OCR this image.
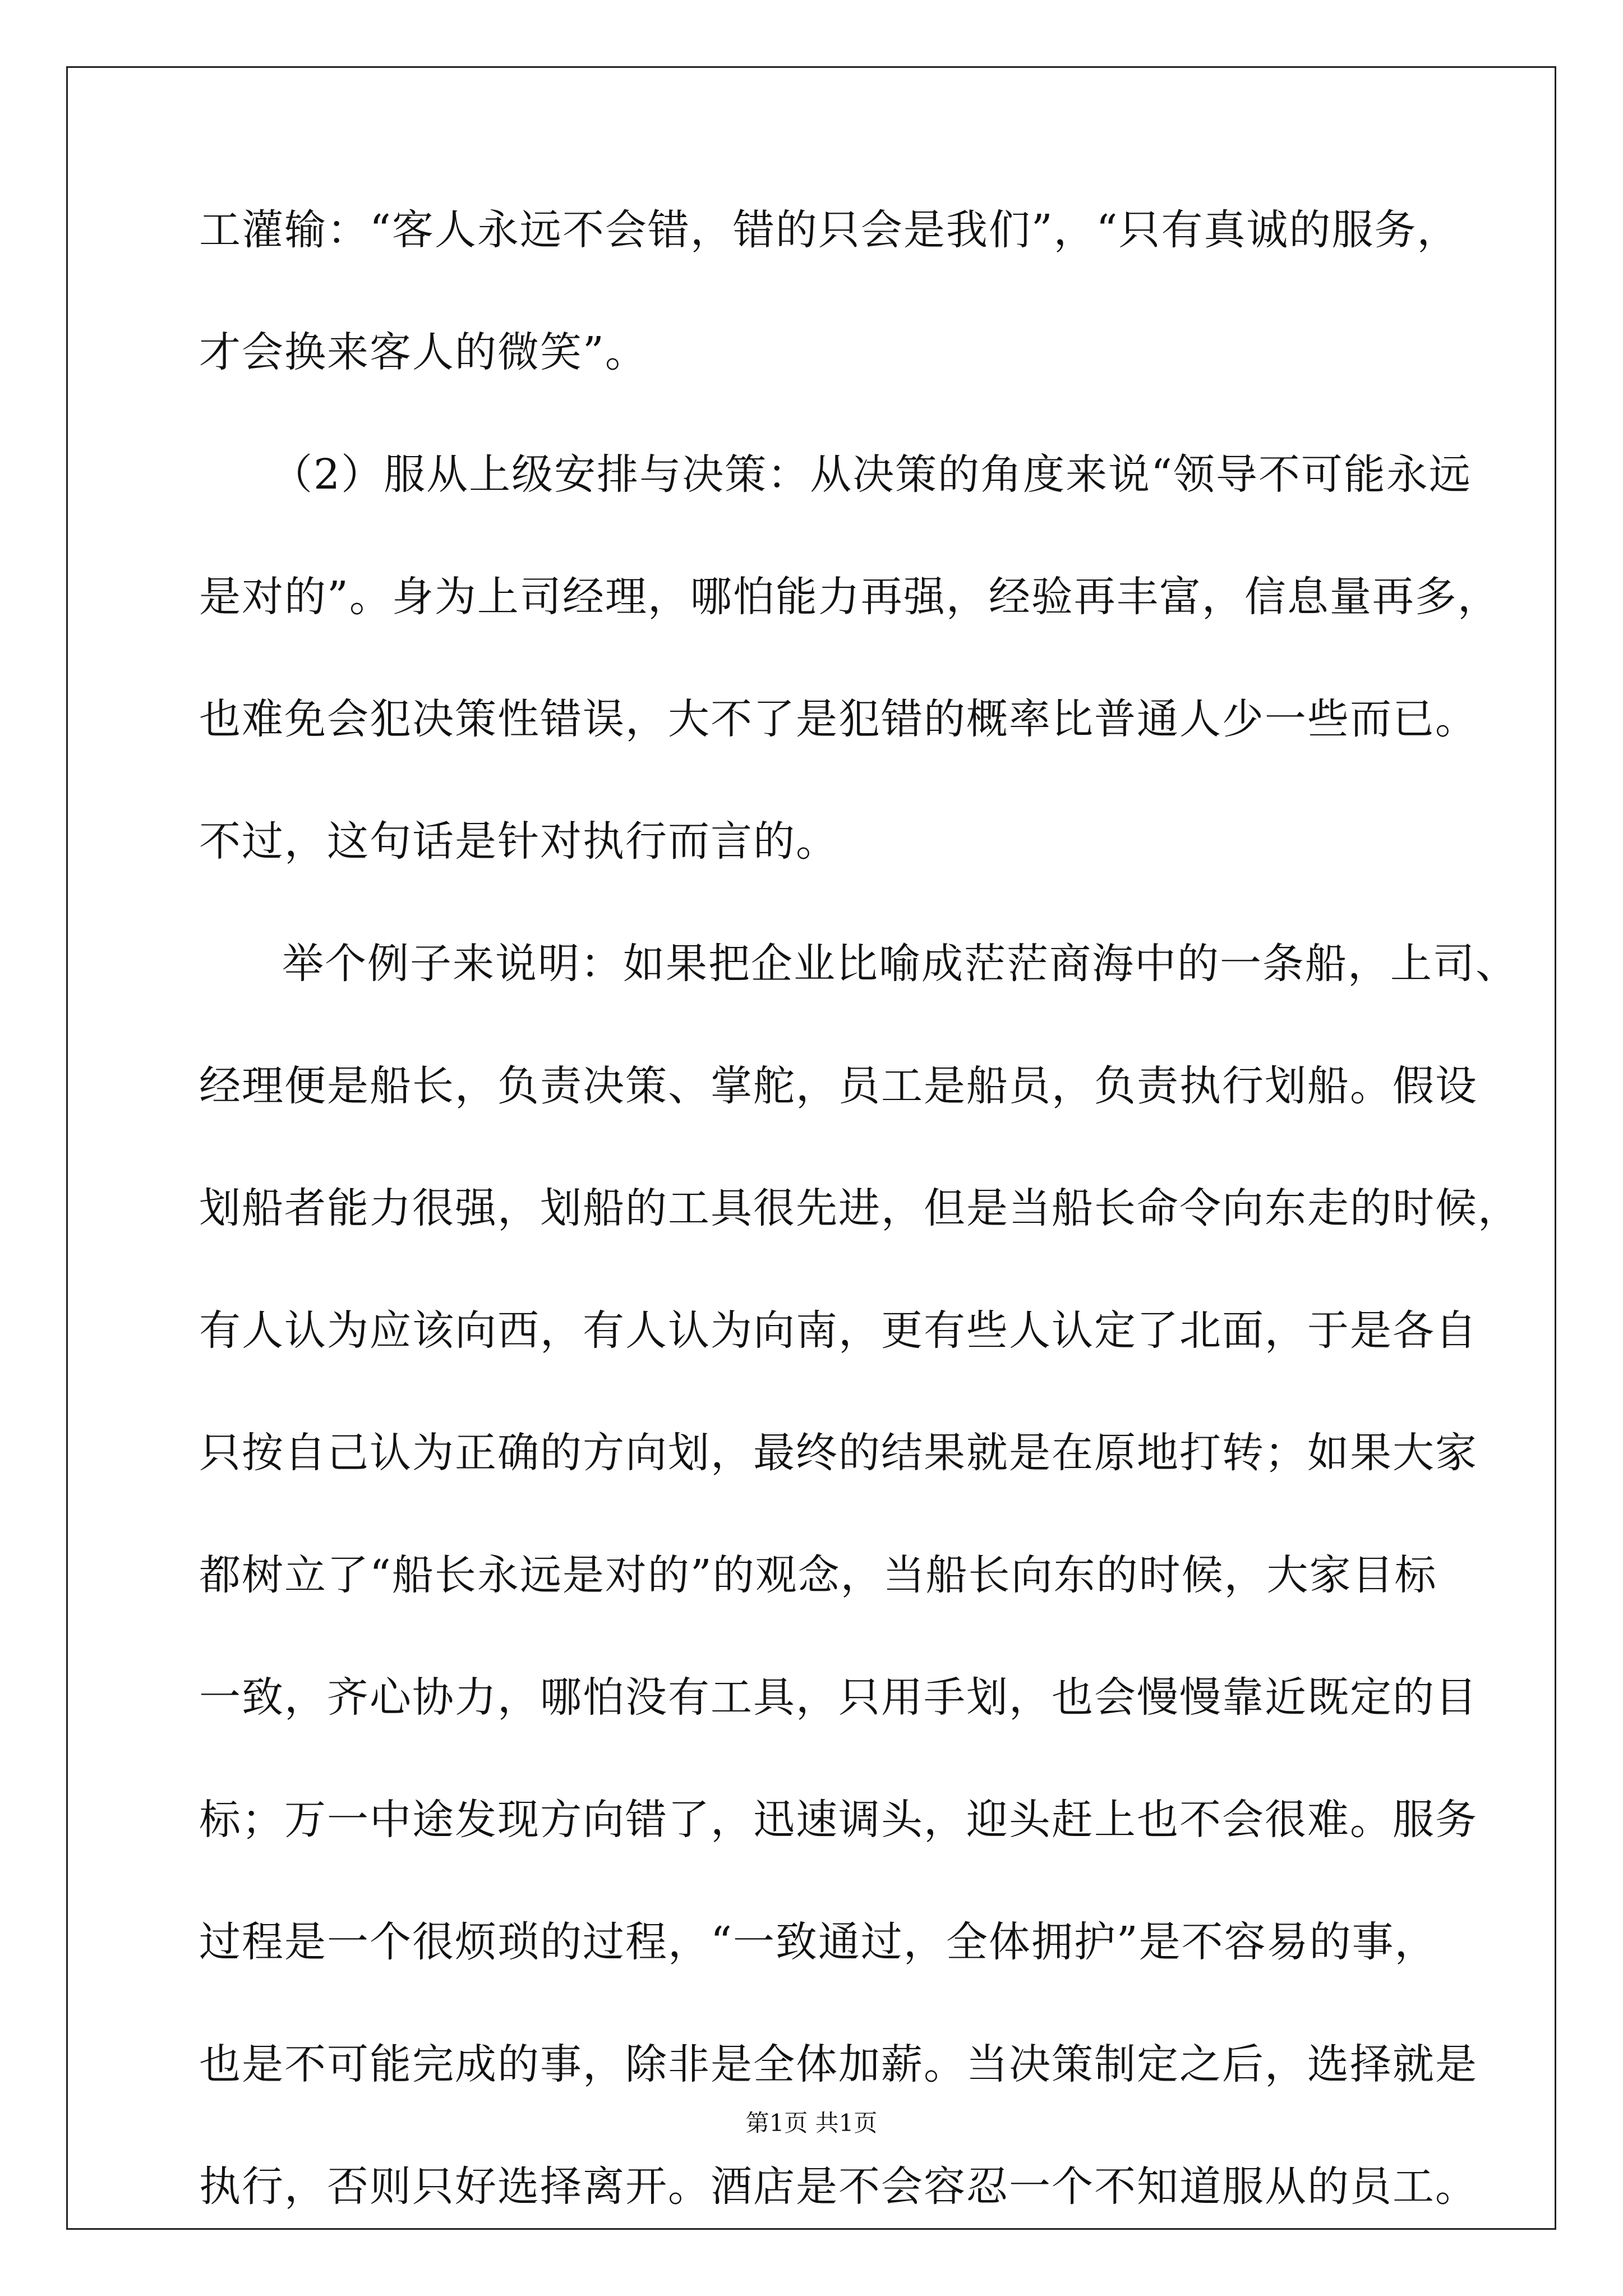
工灌输：“客人永远不会错，错的只会是我们”，“只有真诚的服务，
才会换来客人的微笑”。
（2）服从上级安排与决策：从决策的角度来说“领导不可能永远
是对的”。身为上司经理，哪怕能力再强，经验再丰富，信息量再多，
也难免会犯决策性错误，大不了是犯错的概率比普通人少一些而已。
不过，这句话是针对执行而言的。
举个例子来说明：如果把企业比喻成茫茫商海中的一条船，上司、
经理便是船长，负责决策、掌舵，员工是船员，负责执行划船。假设
划船者能力很强，划船的工具很先进，但是当船长命令向东走的时候，
有人认为应该向西，有人认为向南，更有些人认定了北面，于是各自
只按自己认为正确的方向划，最终的结果就是在原地打转；如果大家
都树立了“船长永远是对的”的观念，当船长向东的时候，大家目标
一致，齐心协力，哪怕没有工具，只用手划，也会慢慢靠近既定的目
标；万一中途发现方向错了，迅速调头，迎头赶上也不会很难。服务
过程是一个很烦琐的过程，“一致通过，全体拥护”是不容易的事，
也是不可能完成的事，除非是全体加薪。当决策制定之后，选择就是
执行，否则只好选择离开。酒店是不会容忍一个不知道服从的员工。
第1页 共1页
